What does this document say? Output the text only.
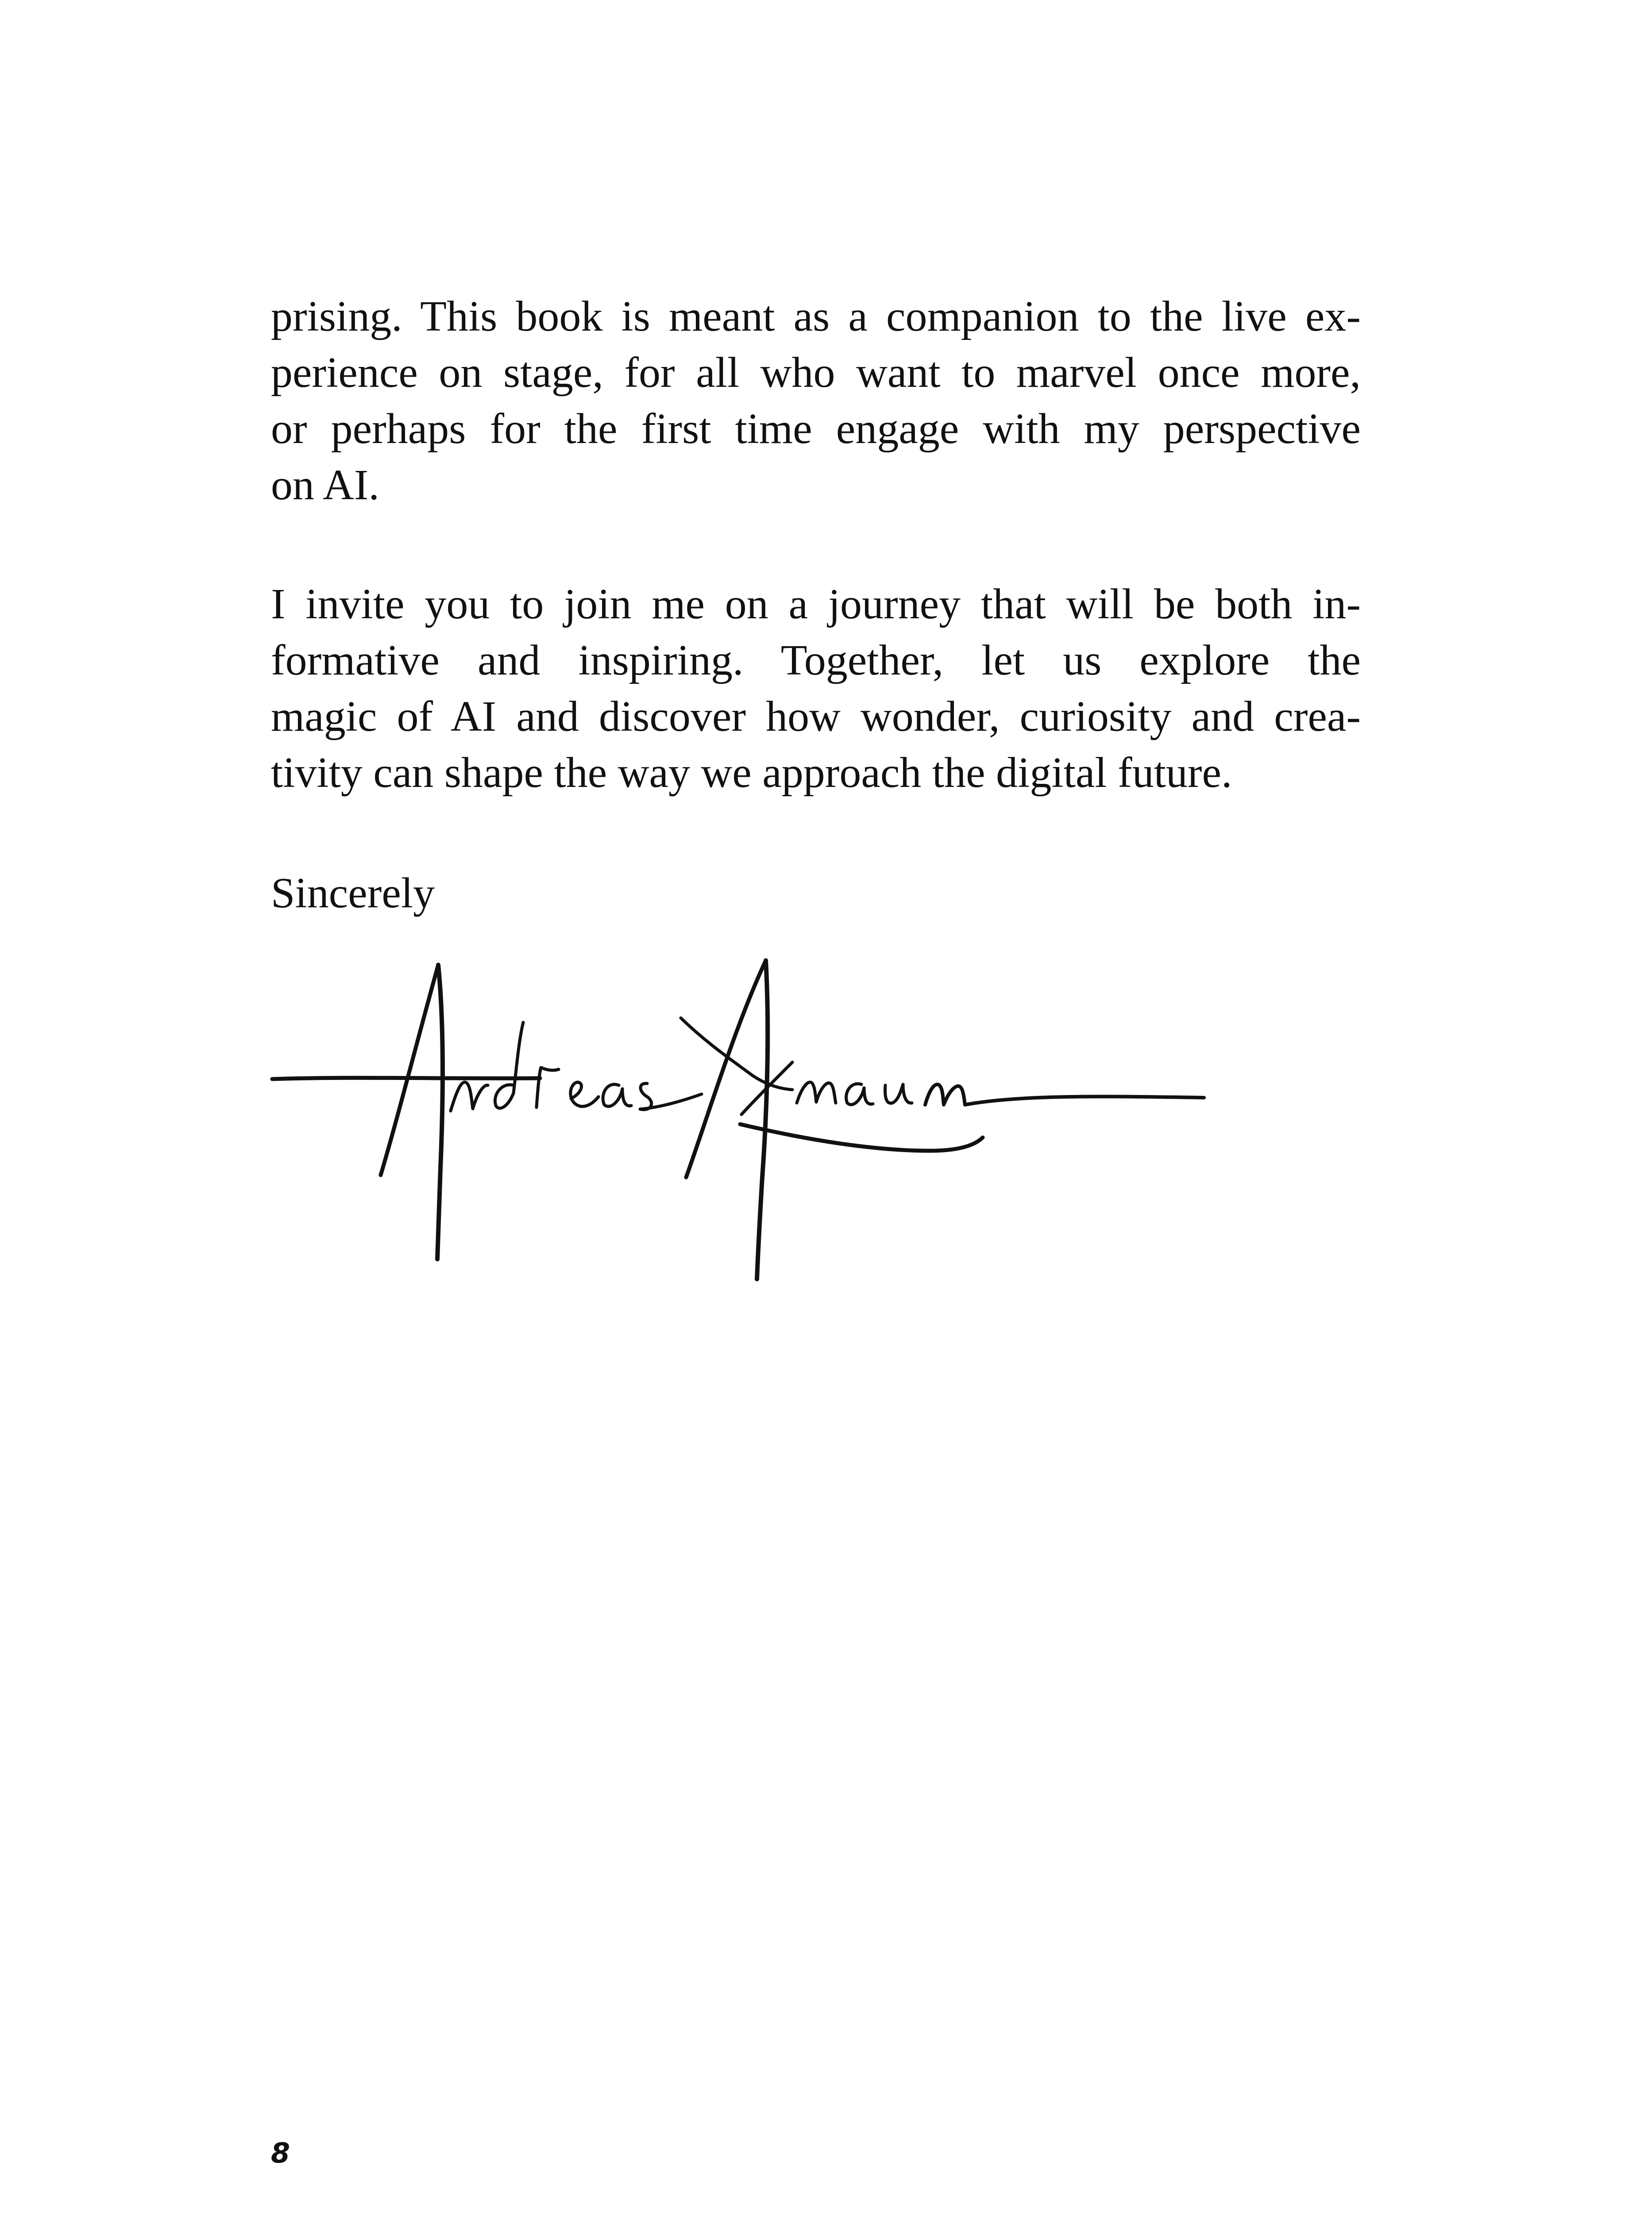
prising. This book is meant as a companion to the live ex-
perience on stage, for all who want to marvel once more,
or perhaps for the first time engage with my perspective
on AI.
I invite you to join me on a journey that will be both in-
formative and inspiring. Together, let us explore the
magic of AI and discover how wonder, curiosity and crea-
tivity can shape the way we approach the digital future.

Sincerely

8
